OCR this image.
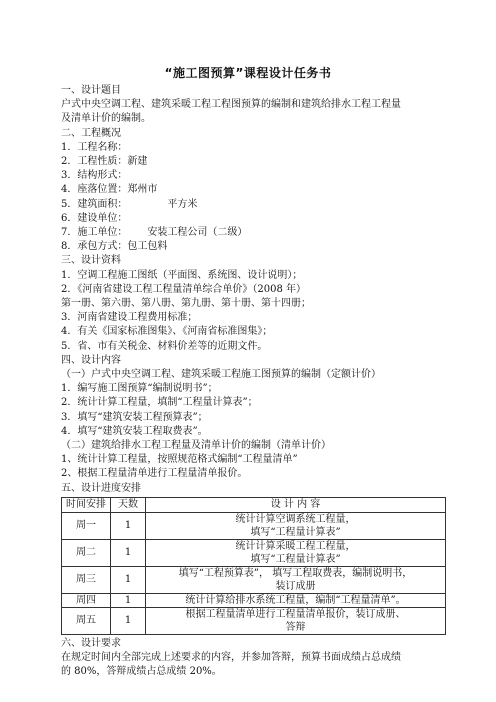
“施工图预算”课程设计任务书
一、设计题目
户式中央空调工程、建筑采暖工程工程图预算的编制和建筑给排水工程工程量
及清单计价的编制。
二、工程概况
1．工程名称：
2．工程性质：新建
3．结构形式：
4．座落位置：郑州市
5．建筑面积：	平方米
6．建设单位：
7．施工单位： 安装工程公司（二级）
8．承包方式：包工包料
三、设计资料
1．空调工程施工图纸（平面图、系统图、设计说明）；
2．《河南省建设工程工程量清单综合单价》（2008 年）
第一册、第六册、第八册、第九册、第十册、第十四册；
3．河南省建设工程费用标准；
4．有关《国家标准图集》、《河南省标准图集》；
5．省、市有关税金、材料价差等的近期文件。
四、设计内容
（一）户式中央空调工程、建筑采暖工程施工图预算的编制（定额计价）
1．编写施工图预算“编制说明书”；
2．统计计算工程量，填制“工程量计算表”；
3．填写“建筑安装工程预算表”；
4．填写“建筑安装工程取费表”。
（二）建筑给排水工程工程量及清单计价的编制（清单计价）
1、统计计算工程量，按照规范格式编制“工程量清单”
2、根据工程量清单进行工程量清单报价。
五、设计进度安排
时间安排	天数	设 计 内 容
周一	1	统计计算空调系统工程量，
填写“工程量计算表”

周二	1	统计计算采暖工程工程量，
填写“工程量计算表”

周三	1	填写“工程预算表”， 填写工程取费表，编制说明书，
装订成册

周四	1	统计计算给排水系统工程量，编制“工程量清单”。

周五	1	根据工程量清单进行工程量清单报价，装订成册、
答辩
六、设计要求
在规定时间内全部完成上述要求的内容，并参加答辩，预算书面成绩占总成绩
的 80%，答辩成绩占总成绩 20%。
